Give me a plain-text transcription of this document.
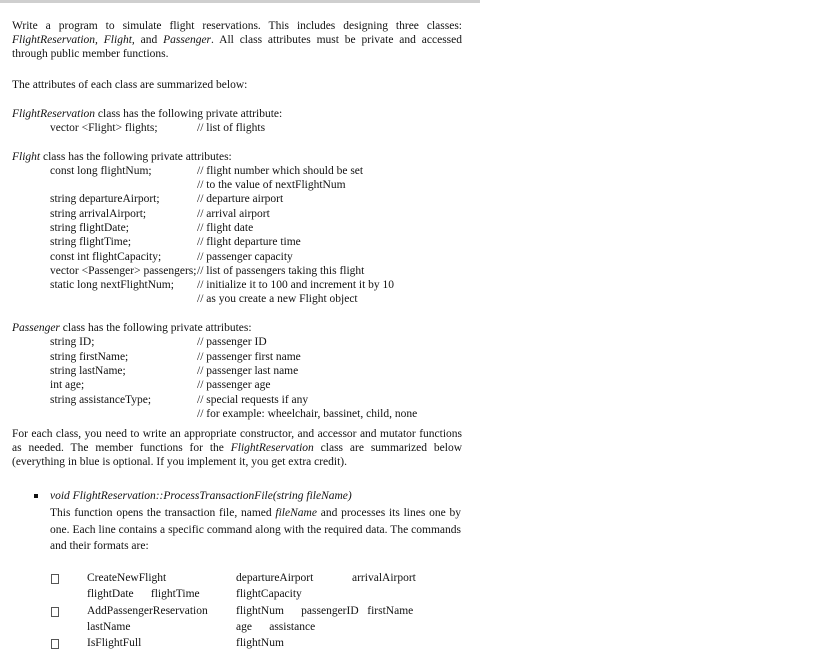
Write a program to simulate flight reservations. This includes designing three classes: FlightReservation, Flight, and Passenger. All class attributes must be private and accessed through public member functions.
The attributes of each class are summarized below:
FlightReservation class has the following private attribute:
vector <Flight> flights;	// list of flights
Flight class has the following private attributes:
const long flightNum;	// flight number which should be set
// to the value of nextFlightNum
string departureAirport;	// departure airport
string arrivalAirport;	// arrival airport
string flightDate;	// flight date
string flightTime;	// flight departure time
const int flightCapacity;	// passenger capacity
vector <Passenger> passengers; // list of passengers taking this flight
static long nextFlightNum; // initialize it to 100 and increment it by 10
// as you create a new Flight object
Passenger class has the following private attributes:
string ID;	// passenger ID
string firstName;	// passenger first name
string lastName;	// passenger last name
int age;	// passenger age
string assistanceType;	// special requests if any
// for example: wheelchair, bassinet, child, none
For each class, you need to write an appropriate constructor, and accessor and mutator functions as needed. The member functions for the FlightReservation class are summarized below (everything in blue is optional. If you implement it, you get extra credit).
void FlightReservation::ProcessTransactionFile(string fileName)
This function opens the transaction file, named fileName and processes its lines one by one. Each line contains a specific command along with the required data. The commands and their formats are:
CreateNewFlight	departureAirport	arrivalAirport
flightDate      flightTime	flightCapacity
AddPassengerReservation flightNum      passengerID   firstName
lastName	age      assistance
IsFlightFull	flightNum
